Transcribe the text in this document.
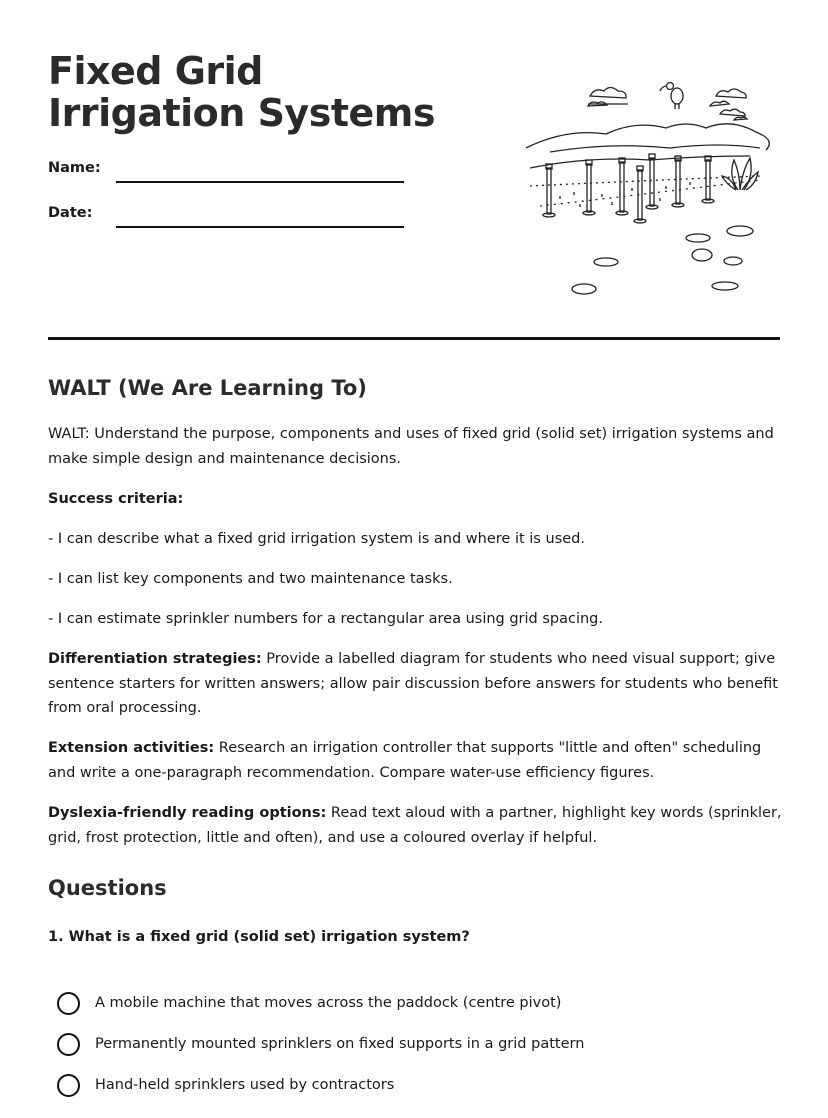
Fixed Grid Irrigation Systems
Name:
Date:
WALT (We Are Learning To)

WALT: Understand the purpose, components and uses of fixed grid (solid set) irrigation systems and make simple design and maintenance decisions.

Success criteria:

- I can describe what a fixed grid irrigation system is and where it is used.

- I can list key components and two maintenance tasks.

- I can estimate sprinkler numbers for a rectangular area using grid spacing.

Differentiation strategies: Provide a labelled diagram for students who need visual support; give sentence starters for written answers; allow pair discussion before answers for students who benefit from oral processing.

Extension activities: Research an irrigation controller that supports "little and often" scheduling and write a one-paragraph recommendation. Compare water-use efficiency figures.

Dyslexia-friendly reading options: Read text aloud with a partner, highlight key words (sprinkler, grid, frost protection, little and often), and use a coloured overlay if helpful.

Questions
1. What is a fixed grid (solid set) irrigation system?
A mobile machine that moves across the paddock (centre pivot)
Permanently mounted sprinklers on fixed supports in a grid pattern
Hand-held sprinklers used by contractors
